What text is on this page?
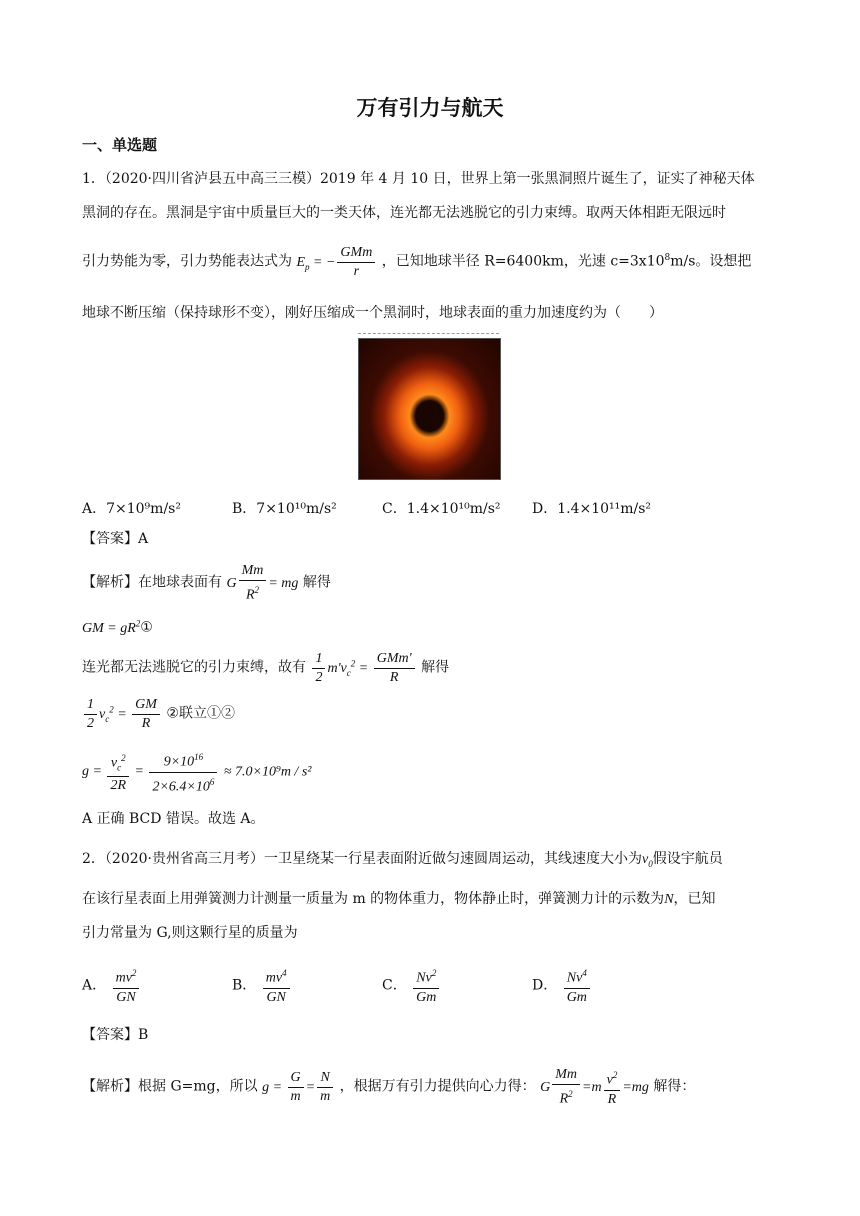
万有引力与航天
一、单选题
1．（2020·四川省泸县五中高三三模）2019 年 4 月 10 日，世界上第一张黑洞照片诞生了，证实了神秘天体
黑洞的存在。黑洞是宇宙中质量巨大的一类天体，连光都无法逃脱它的引力束缚。取两天体相距无限远时
引力势能为零，引力势能表达式为 $E_p$ = − $\frac{\text{GMm}}{r}$ ，已知地球半径 R=6400km，光速 $c=3x10^8m/s$。设想把
地球不断压缩（保持球形不变），刚好压缩成一个黑洞时，地球表面的重力加速度约为（　　）
A．7×10⁹m/s²	B．7×10¹⁰m/s²	C．1.4×10¹⁰m/s² D．1.4×10¹¹m/s²
【答案】A
【解析】在地球表面有 G $\frac{Mm}{R^2}$ = mg 解得
GM = $gR^2①$
连光都无法逃脱它的引力束缚，故有 $\frac{1}{2} m'v_c^2 = \frac{\text{GMm'}}{R}$ 解得
$\frac{1}{2} v_c^2 = \frac{GM}{R}$ ②联立①②
$g = \frac{v_c^2}{2R} = \frac{9\times 10^{16}}{2\times 6.4\times 10^6} \approx 7.0\times 10^9m / s^2$
A 正确 BCD 错误。故选 A。
2．（2020·贵州省高三月考）一卫星绕某一行星表面附近做匀速圆周运动，其线速度大小为$v_0$假设宇航员
在该行星表面上用弹簧测力计测量一质量为 m 的物体重力，物体静止时，弹簧测力计的示数为N，已知
引力常量为 G,则这颗行星的质量为
A． $\frac{mv^2}{GN}$	B． $\frac{mv^4}{GN}$	C． $\frac{Nv^2}{Gm}$	D． $\frac{Nv^4}{Gm}$
【答案】B
【解析】根据 G=mg，所以 $g = \frac{G}{m} = \frac{N}{m}$ ，根据万有引力提供向心力得： G $\frac{Mm}{R^2} =m \frac{v^2}{R} =mg$ 解得：
